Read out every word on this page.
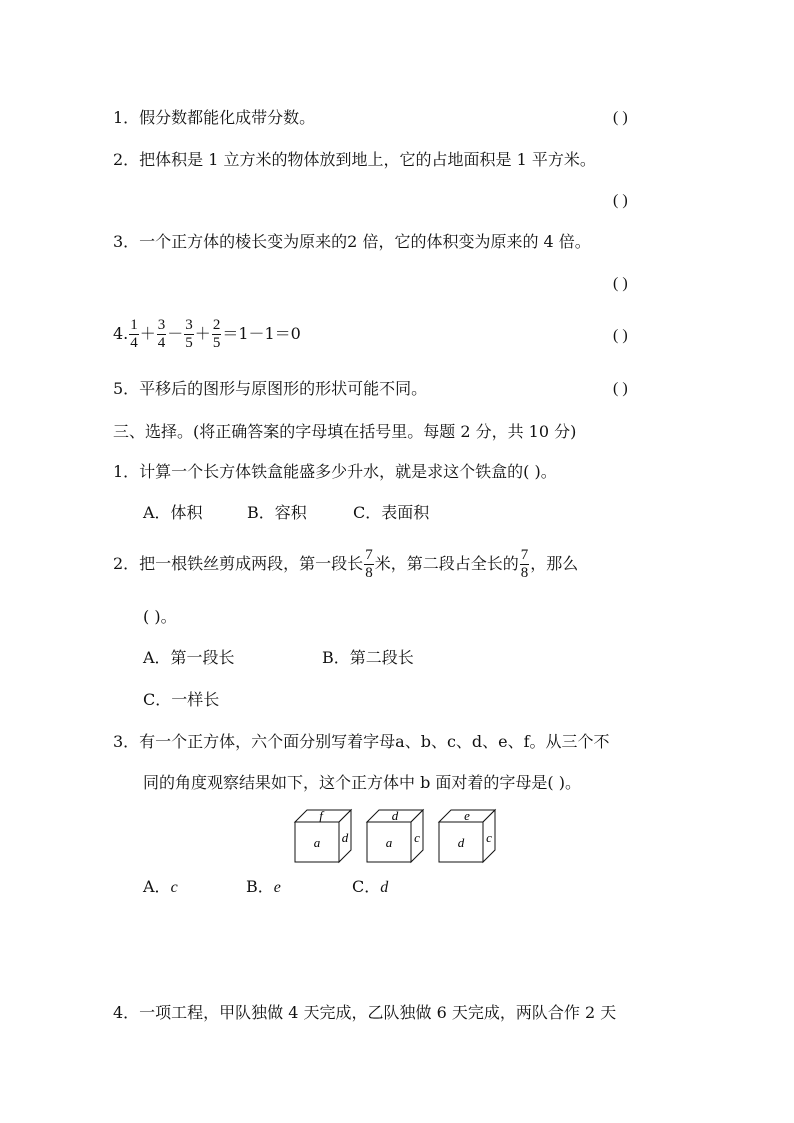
1．假分数都能化成带分数。	( )
2．把体积是 1 立方米的物体放到地上，它的占地面积是 1 平方米。
( )
3．一个正方体的棱长变为原来的2 倍，它的体积变为原来的 4 倍。
( )
4. $\frac{1}{4} + \frac{3}{4} - \frac{3}{5} + \frac{2}{5} =1-1=0$	( )
5．平移后的图形与原图形的形状可能不同。	( )
三、选择。(将正确答案的字母填在括号里。每题 2 分，共 10 分)
1．计算一个长方体铁盒能盛多少升水，就是求这个铁盒的( )。
A．体积	B．容积	C．表面积
2．把一根铁丝剪成两段，第一段长 $\frac{7}{8}$ 米，第二段占全长的 $\frac{7}{8}$ ，那么
( )。
A．第一段长	B．第二段长
C．一样长
3．有一个正方体，六个面分别写着字母a、b、c、d、e、f。从三个不
同的角度观察结果如下，这个正方体中 b 面对着的字母是( )。
f
a d
d
a c
e
d c
A．c	B．e	C．d
4．一项工程，甲队独做 4 天完成，乙队独做 6 天完成，两队合作 2 天
